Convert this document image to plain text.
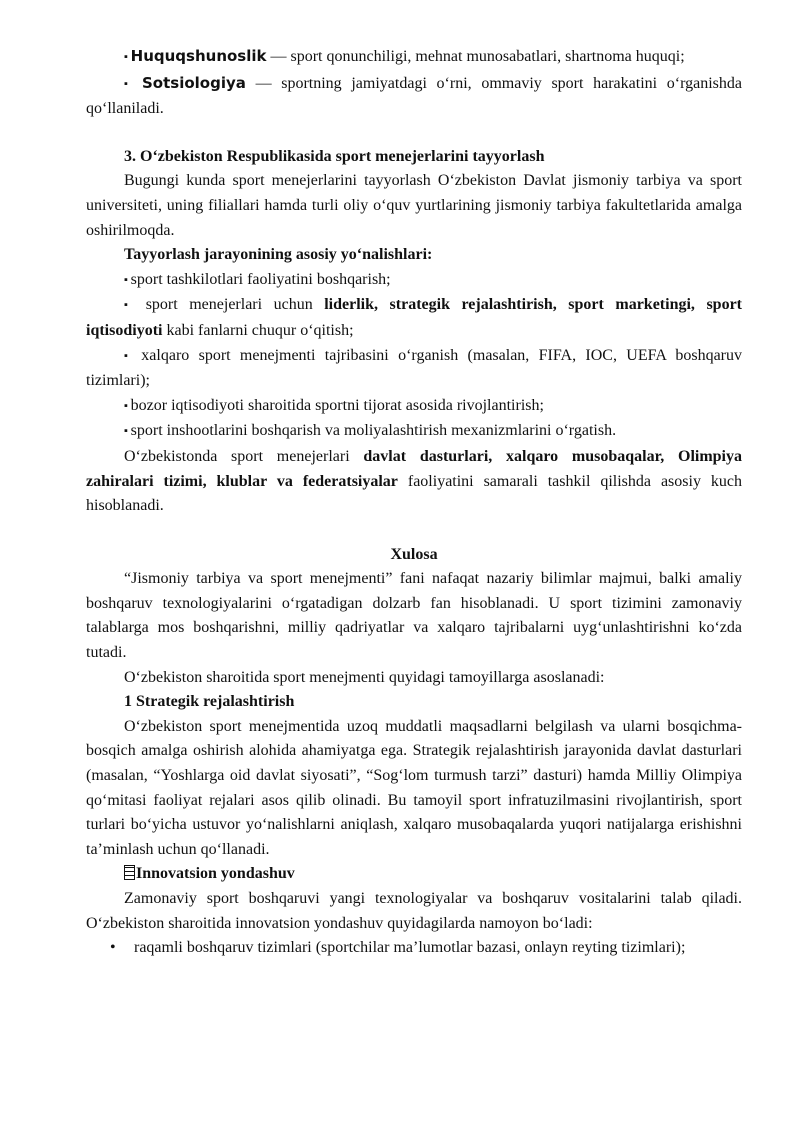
▪ Huquqshunoslik — sport qonunchiligi, mehnat munosabatlari, shartnoma huquqi;

▪ Sotsiologiya — sportning jamiyatdagi o‘rni, ommaviy sport harakatini o‘rganishda qo‘llaniladi.

3. O‘zbekiston Respublikasida sport menejerlarini tayyorlash

Bugungi kunda sport menejerlarini tayyorlash O‘zbekiston Davlat jismoniy tarbiya va sport universiteti, uning filiallari hamda turli oliy o‘quv yurtlarining jismoniy tarbiya fakultetlarida amalga oshirilmoqda.

Tayyorlash jarayonining asosiy yo‘nalishlari:

▪ sport tashkilotlari faoliyatini boshqarish;

▪ sport menejerlari uchun liderlik, strategik rejalashtirish, sport marketingi, sport iqtisodiyoti kabi fanlarni chuqur o‘qitish;

▪ xalqaro sport menejmenti tajribasini o‘rganish (masalan, FIFA, IOC, UEFA boshqaruv tizimlari);

▪ bozor iqtisodiyoti sharoitida sportni tijorat asosida rivojlantirish;

▪ sport inshootlarini boshqarish va moliyalashtirish mexanizmlarini o‘rgatish.

O‘zbekistonda sport menejerlari davlat dasturlari, xalqaro musobaqalar, Olimpiya zahiralari tizimi, klublar va federatsiyalar faoliyatini samarali tashkil qilishda asosiy kuch hisoblanadi.

Xulosa

“Jismoniy tarbiya va sport menejmenti” fani nafaqat nazariy bilimlar majmui, balki amaliy boshqaruv texnologiyalarini o‘rgatadigan dolzarb fan hisoblanadi. U sport tizimini zamonaviy talablarga mos boshqarishni, milliy qadriyatlar va xalqaro tajribalarni uyg‘unlashtirishni ko‘zda tutadi.

O‘zbekiston sharoitida sport menejmenti quyidagi tamoyillarga asoslanadi:

1 Strategik rejalashtirish

O‘zbekiston sport menejmentida uzoq muddatli maqsadlarni belgilash va ularni bosqichma-bosqich amalga oshirish alohida ahamiyatga ega. Strategik rejalashtirish jarayonida davlat dasturlari (masalan, “Yoshlarga oid davlat siyosati”, “Sog‘lom turmush tarzi” dasturi) hamda Milliy Olimpiya qo‘mitasi faoliyat rejalari asos qilib olinadi. Bu tamoyil sport infratuzilmasini rivojlantirish, sport turlari bo‘yicha ustuvor yo‘nalishlarni aniqlash, xalqaro musobaqalarda yuqori natijalarga erishishni ta’minlash uchun qo‘llanadi.

Innovatsion yondashuv

Zamonaviy sport boshqaruvi yangi texnologiyalar va boshqaruv vositalarini talab qiladi. O‘zbekiston sharoitida innovatsion yondashuv quyidagilarda namoyon bo‘ladi:

• raqamli boshqaruv tizimlari (sportchilar ma’lumotlar bazasi, onlayn reyting tizimlari);
